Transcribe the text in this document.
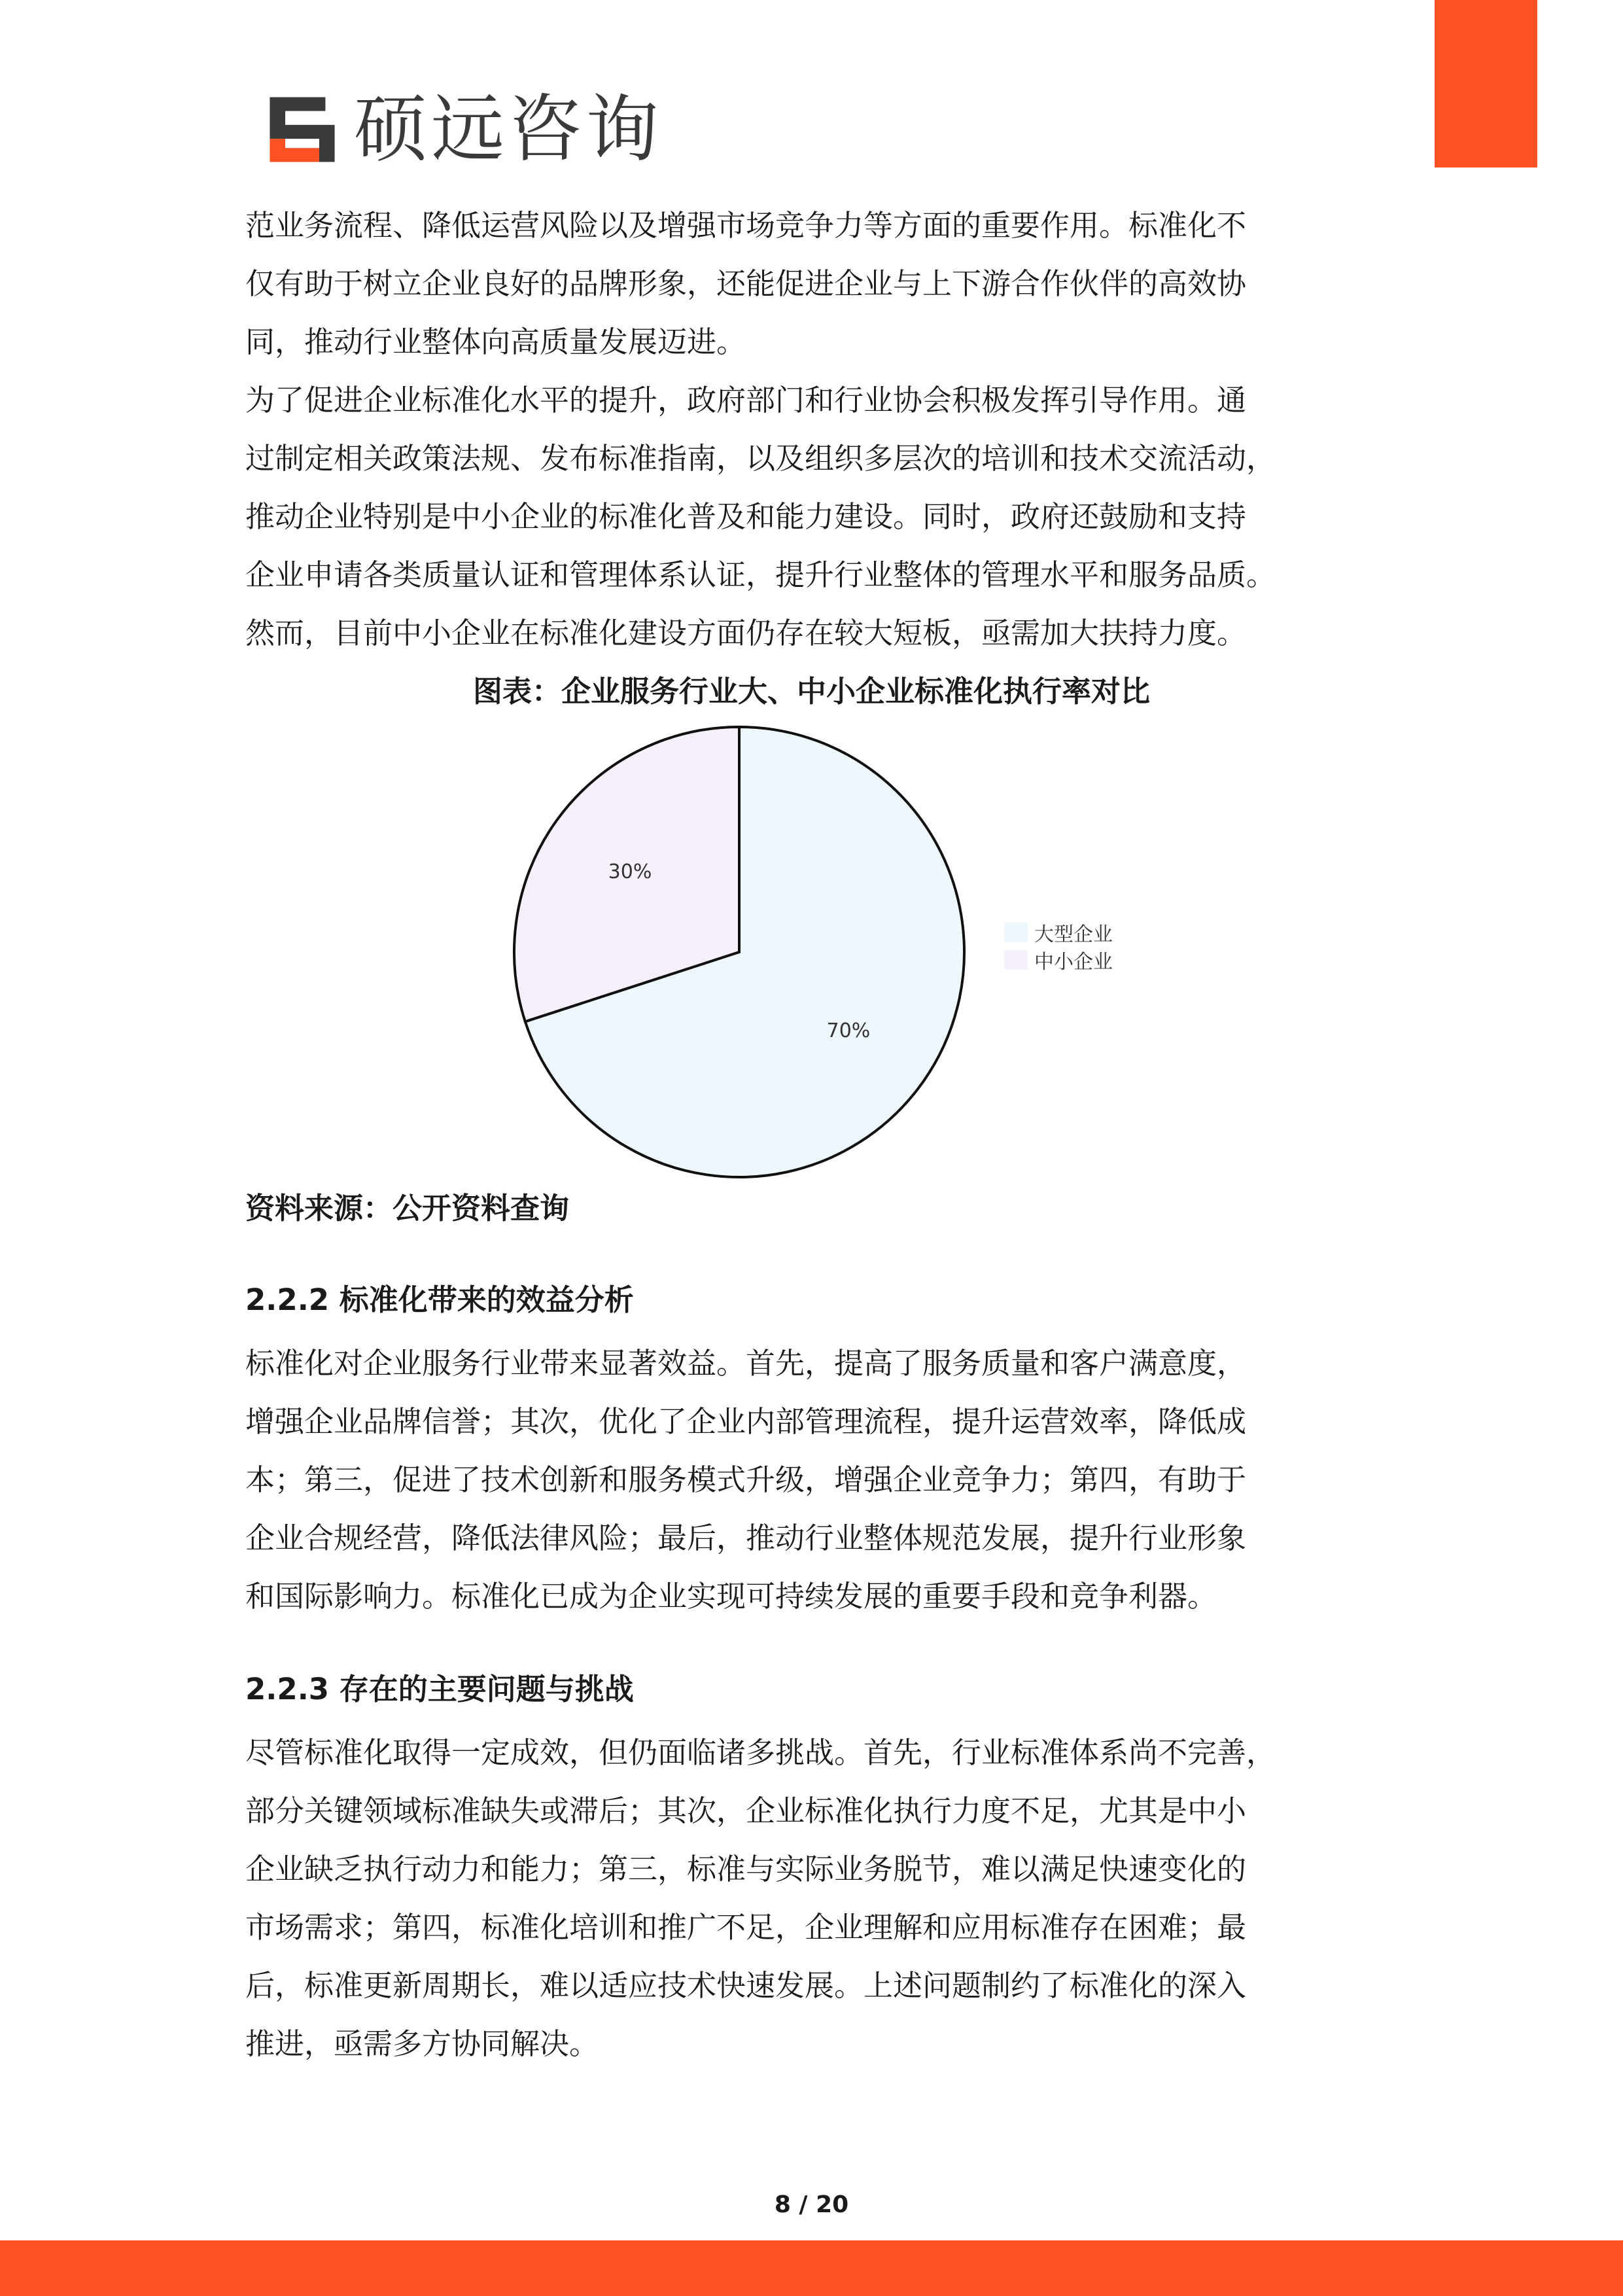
硕远咨询
范业务流程、降低运营风险以及增强市场竞争力等方面的重要作用。标准化不
仅有助于树立企业良好的品牌形象，还能促进企业与上下游合作伙伴的高效协
同，推动行业整体向高质量发展迈进。
为了促进企业标准化水平的提升，政府部门和行业协会积极发挥引导作用。通
过制定相关政策法规、发布标准指南，以及组织多层次的培训和技术交流活动，
推动企业特别是中小企业的标准化普及和能力建设。同时，政府还鼓励和支持
企业申请各类质量认证和管理体系认证，提升行业整体的管理水平和服务品质。
然而，目前中小企业在标准化建设方面仍存在较大短板，亟需加大扶持力度。
图表：企业服务行业大、中小企业标准化执行率对比
70%
30%
大型企业
中小企业
资料来源：公开资料查询
2.2.2 标准化带来的效益分析
标准化对企业服务行业带来显著效益。首先，提高了服务质量和客户满意度，
增强企业品牌信誉；其次，优化了企业内部管理流程，提升运营效率，降低成
本；第三，促进了技术创新和服务模式升级，增强企业竞争力；第四，有助于
企业合规经营，降低法律风险；最后，推动行业整体规范发展，提升行业形象
和国际影响力。标准化已成为企业实现可持续发展的重要手段和竞争利器。
2.2.3 存在的主要问题与挑战
尽管标准化取得一定成效，但仍面临诸多挑战。首先，行业标准体系尚不完善，
部分关键领域标准缺失或滞后；其次，企业标准化执行力度不足，尤其是中小
企业缺乏执行动力和能力；第三，标准与实际业务脱节，难以满足快速变化的
市场需求；第四，标准化培训和推广不足，企业理解和应用标准存在困难；最
后，标准更新周期长，难以适应技术快速发展。上述问题制约了标准化的深入
推进，亟需多方协同解决。
8 / 20
